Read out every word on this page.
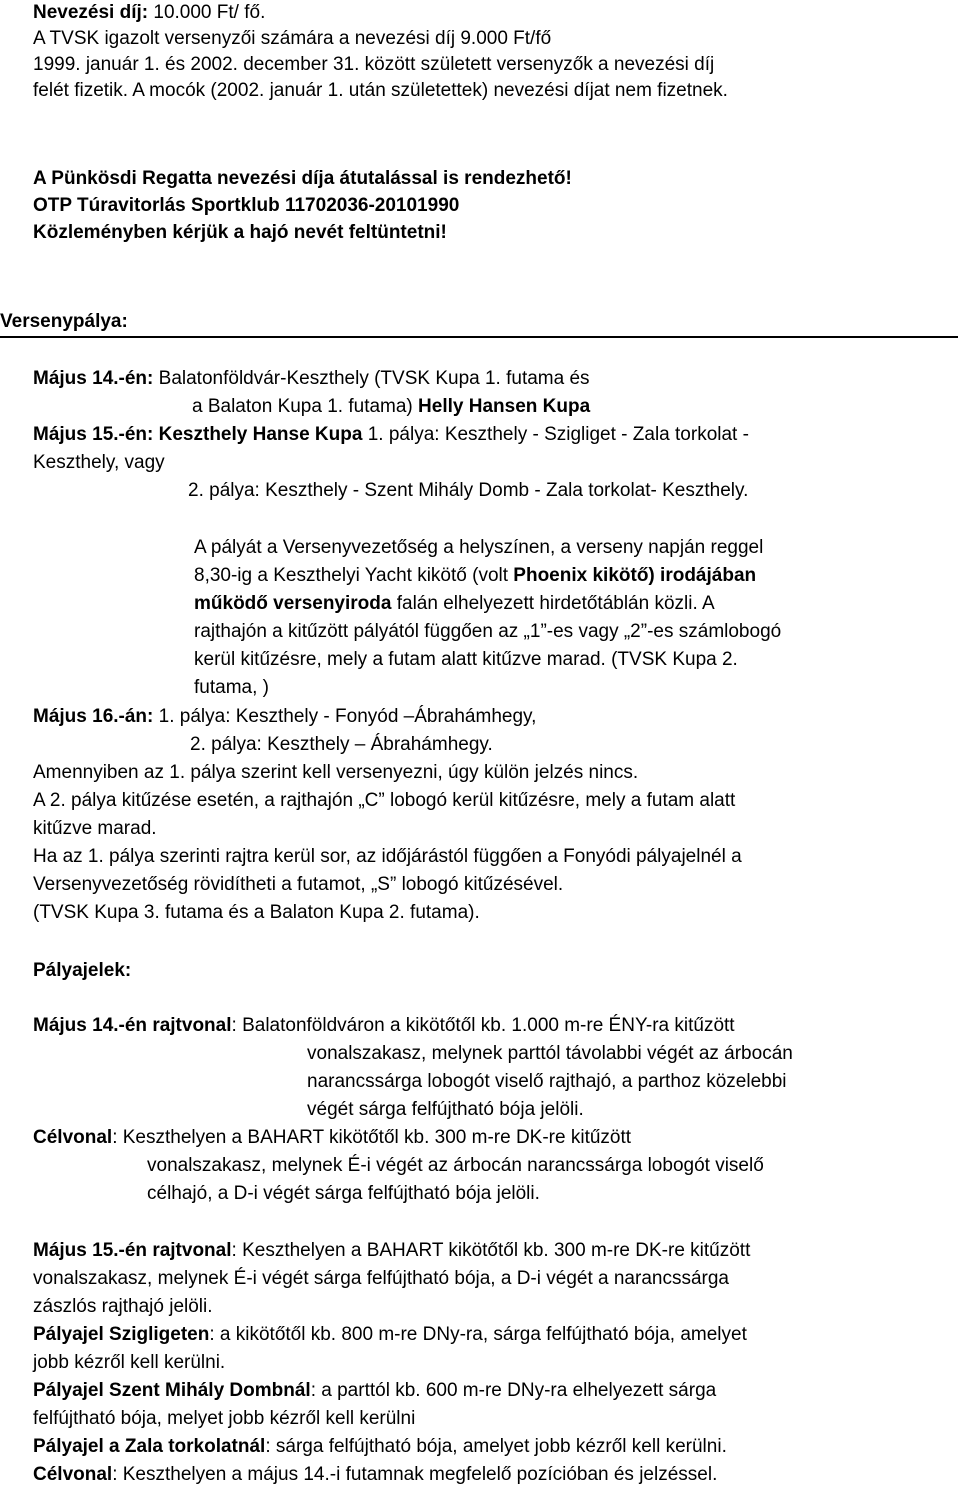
Nevezési díj: 10.000 Ft/ fő.

A TVSK igazolt versenyzői számára a nevezési díj 9.000 Ft/fő

1999. január 1. és 2002. december 31. között született versenyzők a nevezési díj

felét fizetik. A mocók (2002. január 1. után születettek) nevezési díjat nem fizetnek.

A Pünkösdi Regatta nevezési díja átutalással is rendezhető!

OTP Túravitorlás Sportklub 11702036-20101990

Közleményben kérjük a hajó nevét feltüntetni!

Versenypálya:

Május 14.-én: Balatonföldvár-Keszthely (TVSK Kupa 1. futama és

a Balaton Kupa 1. futama) Helly Hansen Kupa

Május 15.-én: Keszthely Hanse Kupa 1. pálya: Keszthely - Szigliget - Zala torkolat -

Keszthely, vagy

2. pálya: Keszthely - Szent Mihály Domb - Zala torkolat- Keszthely.

A pályát a Versenyvezetőség a helyszínen, a verseny napján reggel

8,30-ig a Keszthelyi Yacht kikötő (volt Phoenix kikötő) irodájában

működő versenyiroda falán elhelyezett hirdetőtáblán közli. A

rajthajón a kitűzött pályától függően az „1”-es vagy „2”-es számlobogó

kerül kitűzésre, mely a futam alatt kitűzve marad. (TVSK Kupa 2.

futama, )

Május 16.-án: 1. pálya: Keszthely - Fonyód –Ábrahámhegy,

2. pálya: Keszthely – Ábrahámhegy.

Amennyiben az 1. pálya szerint kell versenyezni, úgy külön jelzés nincs.

A 2. pálya kitűzése esetén, a rajthajón „C” lobogó kerül kitűzésre, mely a futam alatt

kitűzve marad.

Ha az 1. pálya szerinti rajtra kerül sor, az időjárástól függően a Fonyódi pályajelnél a

Versenyvezetőség rövidítheti a futamot, „S” lobogó kitűzésével.

(TVSK Kupa 3. futama és a Balaton Kupa 2. futama).

Pályajelek:

Május 14.-én rajtvonal: Balatonföldváron a kikötőtől kb. 1.000 m-re ÉNY-ra kitűzött

vonalszakasz, melynek parttól távolabbi végét az árbocán

narancssárga lobogót viselő rajthajó, a parthoz közelebbi

végét sárga felfújtható bója jelöli.

Célvonal: Keszthelyen a BAHART kikötőtől kb. 300 m-re DK-re kitűzött

vonalszakasz, melynek É-i végét az árbocán narancssárga lobogót viselő

célhajó, a D-i végét sárga felfújtható bója jelöli.

Május 15.-én rajtvonal: Keszthelyen a BAHART kikötőtől kb. 300 m-re DK-re kitűzött

vonalszakasz, melynek É-i végét sárga felfújtható bója, a D-i végét a narancssárga

zászlós rajthajó jelöli.

Pályajel Szigligeten: a kikötőtől kb. 800 m-re DNy-ra, sárga felfújtható bója, amelyet

jobb kézről kell kerülni.

Pályajel Szent Mihály Dombnál: a parttól kb. 600 m-re DNy-ra elhelyezett sárga

felfújtható bója, melyet jobb kézről kell kerülni

Pályajel a Zala torkolatnál: sárga felfújtható bója, amelyet jobb kézről kell kerülni.

Célvonal: Keszthelyen a május 14.-i futamnak megfelelő pozícióban és jelzéssel.
